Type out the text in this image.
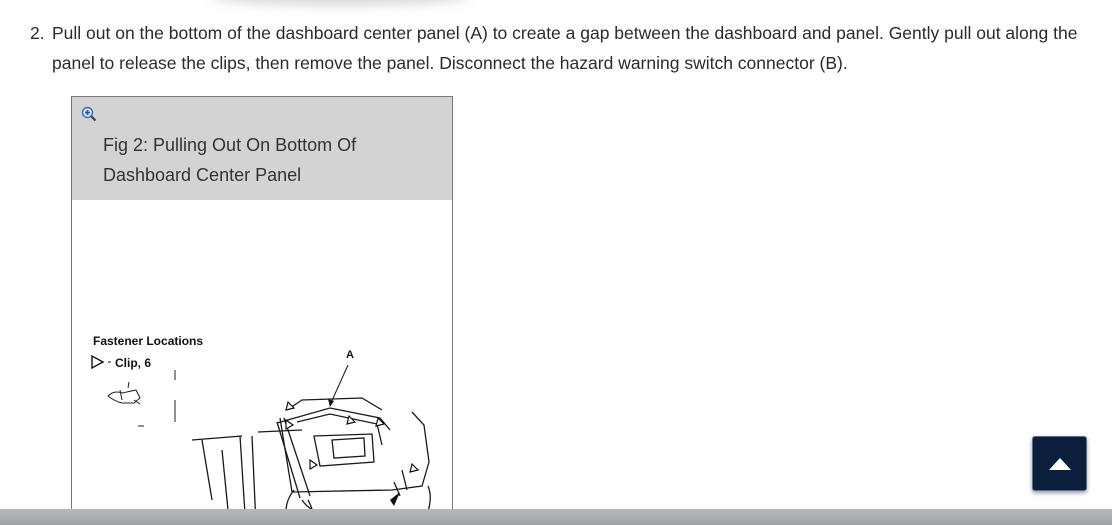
2. Pull out on the bottom of the dashboard center panel (A) to create a gap between the dashboard and panel. Gently pull out along the panel to release the clips, then remove the panel. Disconnect the hazard warning switch connector (B).
Fig 2: Pulling Out On Bottom Of Dashboard Center Panel
Fastener Locations
Clip, 6
A
